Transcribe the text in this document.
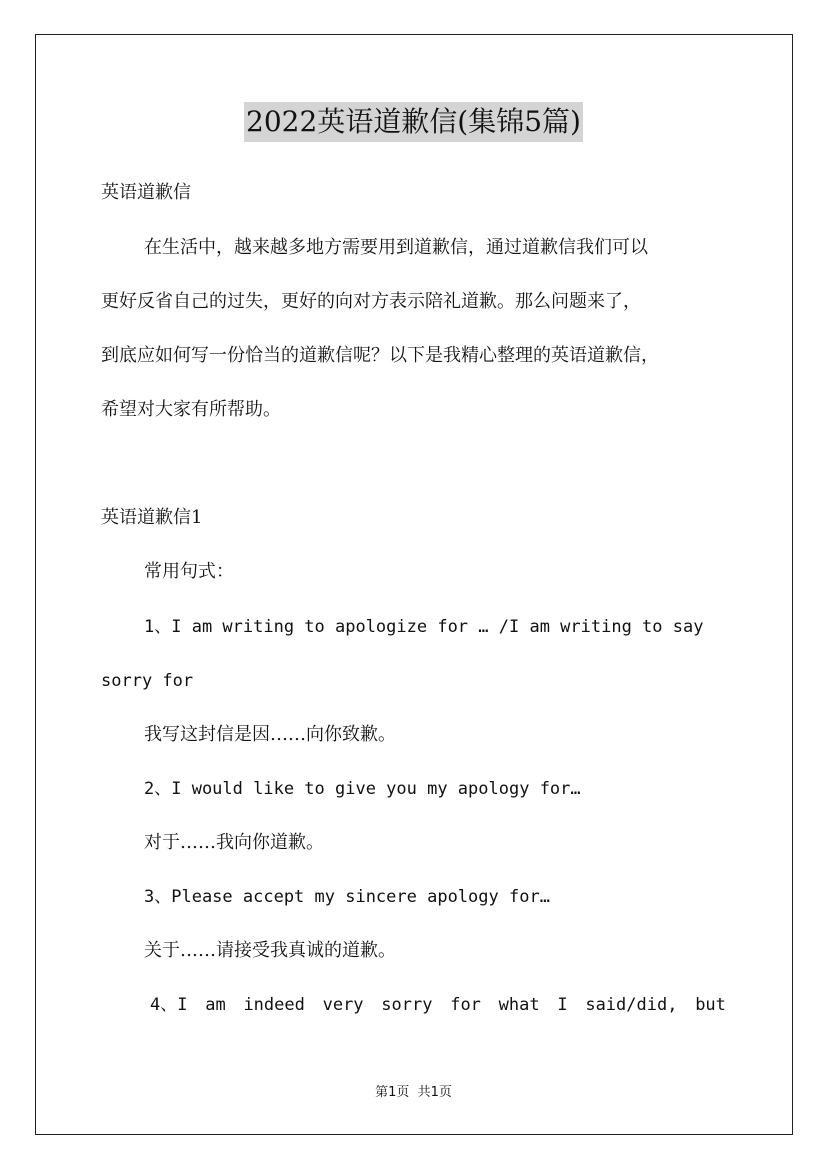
2022英语道歉信(集锦5篇)
英语道歉信
在生活中，越来越多地方需要用到道歉信，通过道歉信我们可以
更好反省自己的过失，更好的向对方表示陪礼道歉。那么问题来了，
到底应如何写一份恰当的道歉信呢？以下是我精心整理的英语道歉信，
希望对大家有所帮助。
英语道歉信1
常用句式：
1、I am writing to apologize for … /I am writing to say
sorry for
我写这封信是因……向你致歉。
2、I would like to give you my apology for…
对于……我向你道歉。
3、Please accept my sincere apology for…
关于……请接受我真诚的道歉。
4、I am indeed very sorry for what I said/did, but
第1页 共1页
